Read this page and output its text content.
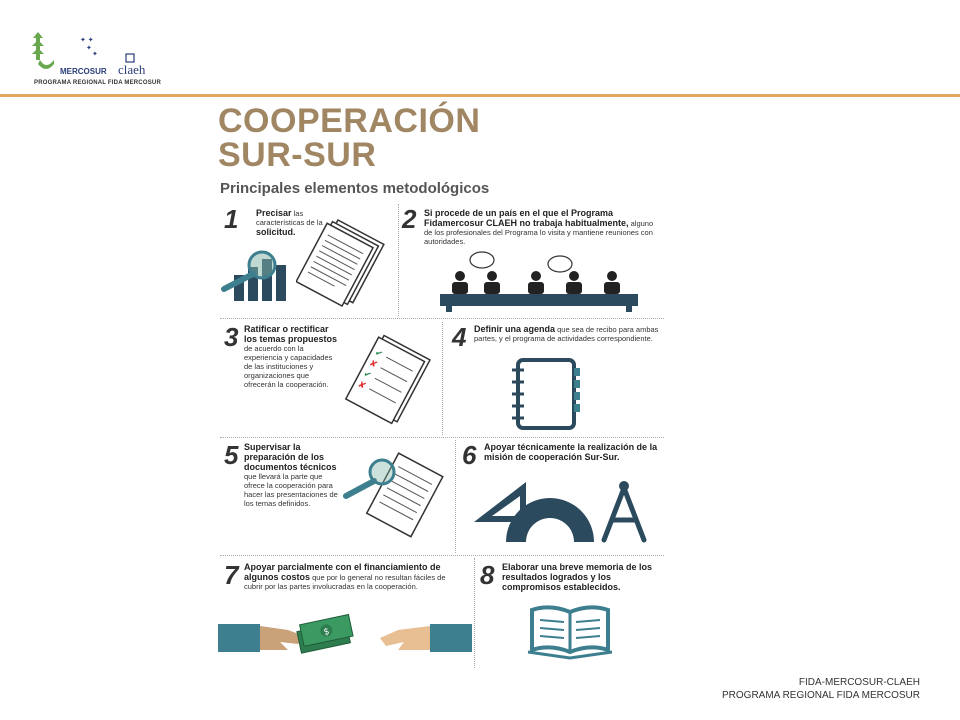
✦ ✦
✦
✦
MERCOSUR claeh
PROGRAMA REGIONAL FIDA MERCOSUR
COOPERACIÓN
SUR-SUR
Principales elementos metodológicos
1 Precisar las características de la solicitud.	2 Si procede de un país en el que el Programa Fidamercosur CLAEH no trabaja habitualmente, alguno de los profesionales del Programa lo visita y mantiene reuniones con autoridades.
3 Ratificar o rectificar los temas propuestos de acuerdo con la experiencia y capacidades de las instituciones y organizaciones que ofrecerán la cooperación.
✔
✘
✔
✘
4 Definir una agenda que sea de recibo para ambas partes, y el programa de actividades correspondiente.
5 Supervisar la preparación de los documentos técnicos que llevará la parte que ofrece la cooperación para hacer las presentaciones de los temas definidos.
6 Apoyar técnicamente la realización de la misión de cooperación Sur-Sur.
7 Apoyar parcialmente con el financiamiento de algunos costos que por lo general no resultan fáciles de cubrir por las partes involucradas en la cooperación.
$
8 Elaborar una breve memoria de los resultados logrados y los compromisos establecidos.
FIDA-MERCOSUR-CLAEH
PROGRAMA REGIONAL FIDA MERCOSUR
